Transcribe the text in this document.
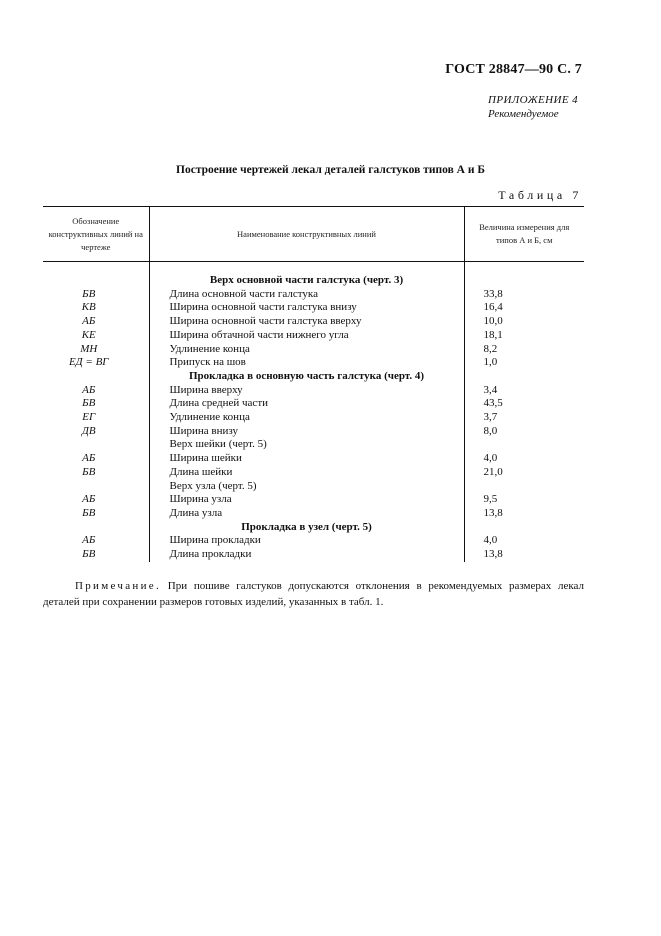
ГОСТ 28847—90 С. 7
ПРИЛОЖЕНИЕ 4
Рекомендуемое
Построение чертежей лекал деталей галстуков типов А и Б
Таблица 7
Обозначение конструктивных линий на чертеже	Наименование конструктивных линий	Величина измерения для типов А и Б, см

	Верх основной части галстука (черт. 3)	
БВ	Длина основной части галстука	33,8
КВ	Ширина основной части галстука внизу	16,4
АБ	Ширина основной части галстука вверху	10,0
КЕ	Ширина обтачной части нижнего угла	18,1
МН	Удлинение конца	8,2
ЕД = ВГ	Припуск на шов	1,0
	Прокладка в основную часть галстука (черт. 4)	
АБ	Ширина вверху	3,4
БВ	Длина средней части	43,5
ЕГ	Удлинение конца	3,7
ДВ	Ширина внизу	8,0
	Верх шейки (черт. 5)	
АБ	Ширина шейки	4,0
БВ	Длина шейки	21,0
	Верх узла (черт. 5)	
АБ	Ширина узла	9,5
БВ	Длина узла	13,8
	Прокладка в узел (черт. 5)	
АБ	Ширина прокладки	4,0
БВ	Длина прокладки	13,8
Примечание. При пошиве галстуков допускаются отклонения в рекомендуемых размерах лекал деталей при сохранении размеров готовых изделий, указанных в табл. 1.
